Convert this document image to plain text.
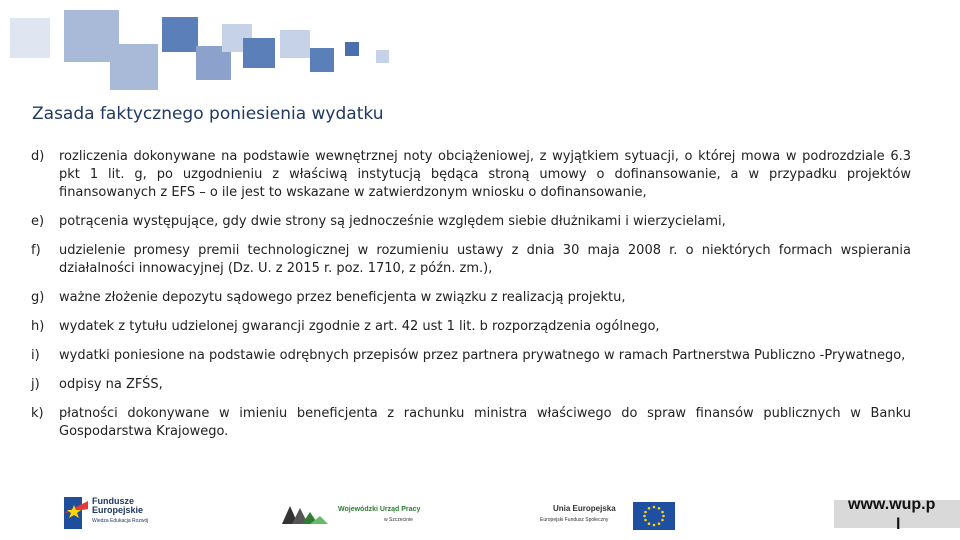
Zasada faktycznego poniesienia wydatku
d)	rozliczenia dokonywane na podstawie wewnętrznej noty obciążeniowej, z wyjątkiem sytuacji, o której mowa w podrozdziale 6.3 pkt 1 lit. g, po uzgodnieniu z właściwą instytucją będąca stroną umowy o dofinansowanie, a w przypadku projektów finansowanych z EFS – o ile jest to wskazane w zatwierdzonym wniosku o dofinansowanie,
e)	potrącenia występujące, gdy dwie strony są jednocześnie względem siebie dłużnikami i wierzycielami,
f)	udzielenie promesy premii technologicznej w rozumieniu ustawy z dnia 30 maja 2008 r. o niektórych formach wspierania działalności innowacyjnej (Dz. U. z 2015 r. poz. 1710, z późn. zm.),
g)	ważne złożenie depozytu sądowego przez beneficjenta w związku z realizacją projektu,
h)	wydatek z tytułu udzielonej gwarancji zgodnie z art. 42 ust 1 lit. b rozporządzenia ogólnego,
i)	wydatki poniesione na podstawie odrębnych przepisów przez partnera prywatnego w ramach Partnerstwa Publiczno -Prywatnego,
j)	odpisy na ZFŚS,
k)	płatności dokonywane w imieniu beneficjenta z rachunku ministra właściwego do spraw finansów publicznych w Banku Gospodarstwa Krajowego.
Fundusze
Europejskie
Wiedza Edukacja Rozwój
Wojewódzki Urząd Pracy
w Szczecinie
Unia Europejska
Europejski Fundusz Społeczny
www.wup.p
l
